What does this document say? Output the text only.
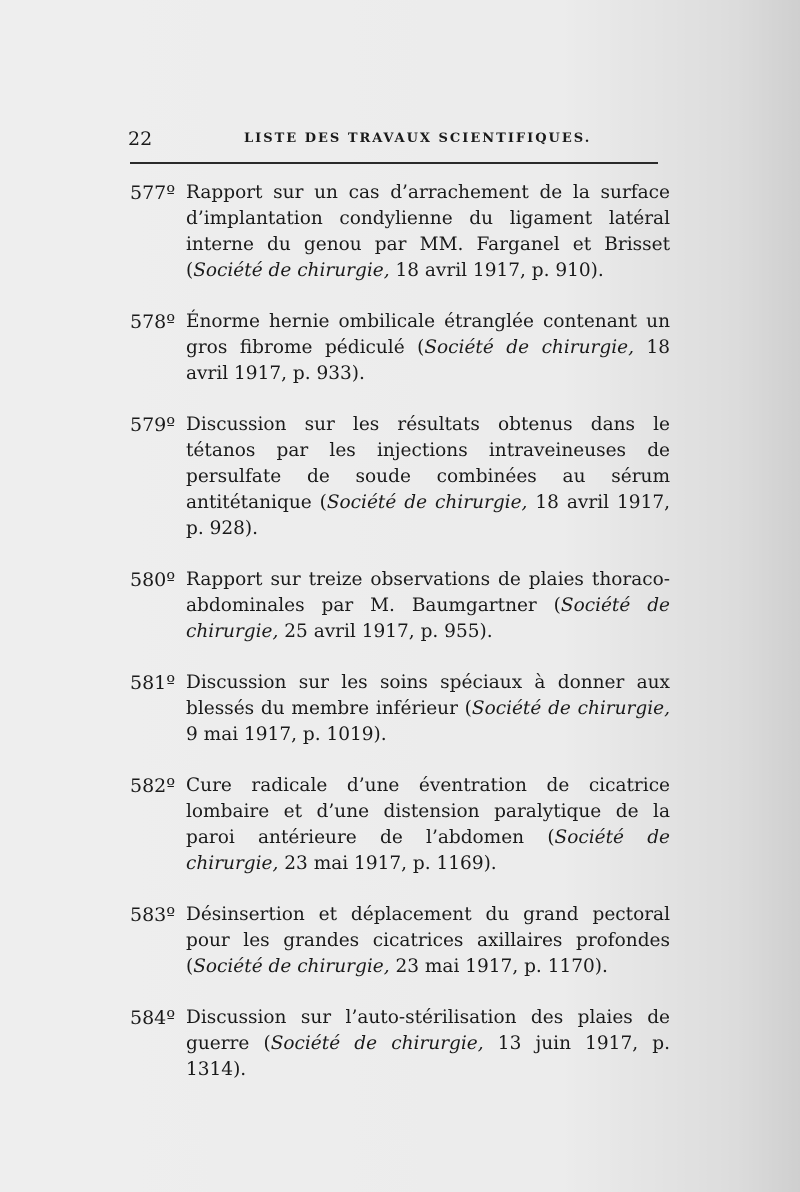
22	LISTE DES TRAVAUX SCIENTIFIQUES.
577º Rapport sur un cas d’arrachement de la surface d’implantation condylienne du ligament latéral interne du genou par MM. Farganel et Brisset (Société de chirurgie, 18 avril 1917, p. 910).
578º Énorme hernie ombilicale étranglée contenant un gros fibrome pédiculé (Société de chirurgie, 18 avril 1917, p. 933).
579º Discussion sur les résultats obtenus dans le tétanos par les injections intraveineuses de persulfate de soude combinées au sérum antitétanique (Société de chirurgie, 18 avril 1917, p. 928).
580º Rapport sur treize observations de plaies thoraco-abdominales par M. Baumgartner (Société de chirurgie, 25 avril 1917, p. 955).
581º Discussion sur les soins spéciaux à donner aux blessés du membre inférieur (Société de chirurgie, 9 mai 1917, p. 1019).
582º Cure radicale d’une éventration de cicatrice lombaire et d’une distension paralytique de la paroi antérieure de l’abdomen (Société de chirurgie, 23 mai 1917, p. 1169).
583º Désinsertion et déplacement du grand pectoral pour les grandes cicatrices axillaires profondes (Société de chirurgie, 23 mai 1917, p. 1170).
584º Discussion sur l’auto-stérilisation des plaies de guerre (Société de chirurgie, 13 juin 1917, p. 1314).
